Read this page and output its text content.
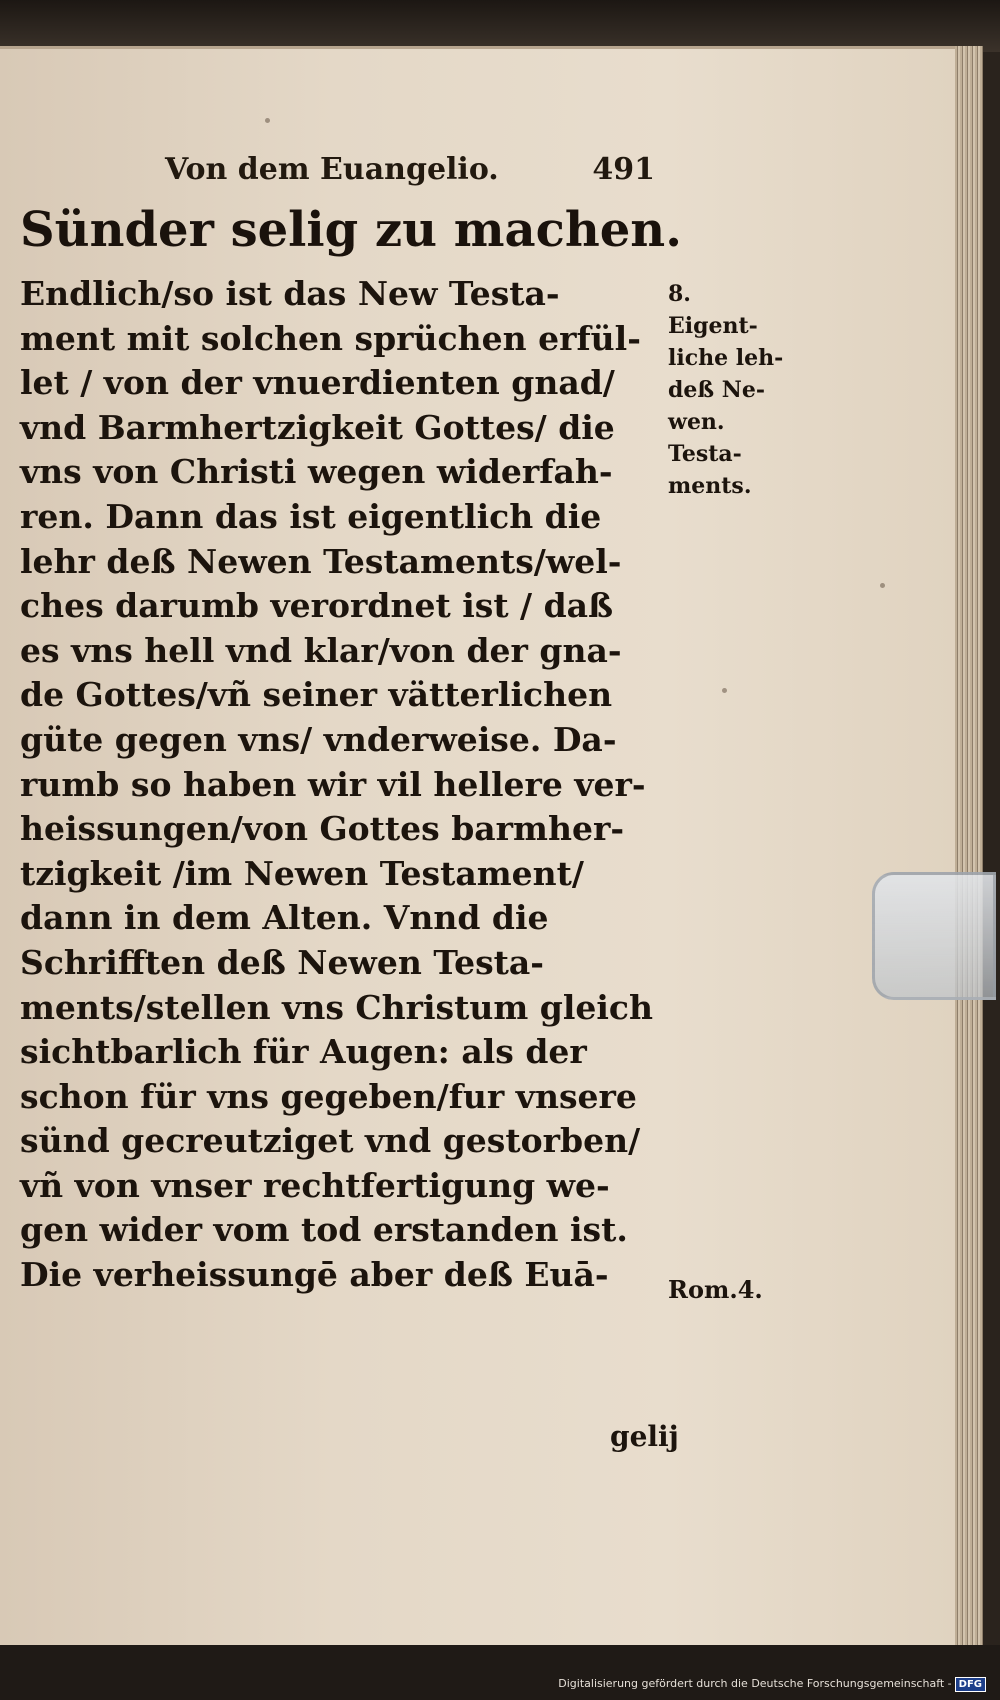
Von dem Euangelio.	491
Sünder selig zu machen.
Endlich/so ist das New Testa-
ment mit solchen sprüchen erfül-
let / von der vnuerdienten gnad/
vnd Barmhertzigkeit Gottes/ die
vns von Christi wegen widerfah-
ren. Dann das ist eigentlich die
lehr deß Newen Testaments/wel-
ches darumb verordnet ist / daß
es vns hell vnd klar/von der gna-
de Gottes/vñ seiner vätterlichen
güte gegen vns/ vnderweise. Da-
rumb so haben wir vil hellere ver-
heissungen/von Gottes barmher-
tzigkeit /im Newen Testament/
dann in dem Alten. Vnnd die
Schrifften deß Newen Testa-
ments/stellen vns Christum gleich
sichtbarlich für Augen: als der
schon für vns gegeben/fur vnsere
sünd gecreutziget vnd gestorben/
vñ von vnser rechtfertigung we-
gen wider vom tod erstanden ist.
Die verheissungē aber deß Euā-
gelij
8.
Eigent-
liche leh-
deß Ne-
wen.
Testa-
ments.
Rom.4.
Digitalisierung gefördert durch die Deutsche Forschungsgemeinschaft - DFG
